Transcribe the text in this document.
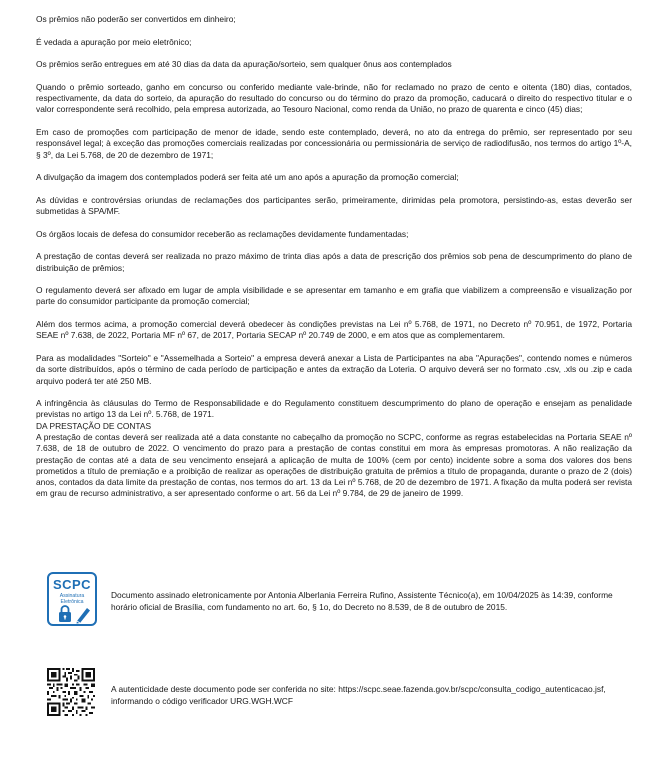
Os prêmios não poderão ser convertidos em dinheiro;

É vedada a apuração por meio eletrônico;

Os prêmios serão entregues em até 30 dias da data da apuração/sorteio, sem qualquer ônus aos contemplados

Quando o prêmio sorteado, ganho em concurso ou conferido mediante vale-brinde, não for reclamado no prazo de cento e oitenta (180) dias, contados, respectivamente, da data do sorteio, da apuração do resultado do concurso ou do término do prazo da promoção, caducará o direito do respectivo titular e o valor correspondente será recolhido, pela empresa autorizada, ao Tesouro Nacional, como renda da União, no prazo de quarenta e cinco (45) dias;

Em caso de promoções com participação de menor de idade, sendo este contemplado, deverá, no ato da entrega do prêmio, ser representado por seu responsável legal; à exceção das promoções comerciais realizadas por concessionária ou permissionária de serviço de radiodifusão, nos termos do artigo 1º-A, § 3º, da Lei 5.768, de 20 de dezembro de 1971;

A divulgação da imagem dos contemplados poderá ser feita até um ano após a apuração da promoção comercial;

As dúvidas e controvérsias oriundas de reclamações dos participantes serão, primeiramente, dirimidas pela promotora, persistindo-as, estas deverão ser submetidas à SPA/MF.

Os órgãos locais de defesa do consumidor receberão as reclamações devidamente fundamentadas;

A prestação de contas deverá ser realizada no prazo máximo de trinta dias após a data de prescrição dos prêmios sob pena de descumprimento do plano de distribuição de prêmios;

O regulamento deverá ser afixado em lugar de ampla visibilidade e se apresentar em tamanho e em grafia que viabilizem a compreensão e visualização por parte do consumidor participante da promoção comercial;

Além dos termos acima, a promoção comercial deverá obedecer às condições previstas na Lei nº 5.768, de 1971, no Decreto nº 70.951, de 1972, Portaria SEAE nº 7.638, de 2022, Portaria MF nº 67, de 2017, Portaria SECAP nº 20.749 de 2000, e em atos que as complementarem.

Para as modalidades "Sorteio" e "Assemelhada a Sorteio" a empresa deverá anexar a Lista de Participantes na aba "Apurações", contendo nomes e números da sorte distribuídos, após o término de cada período de participação e antes da extração da Loteria. O arquivo deverá ser no formato .csv, .xls ou .zip e cada arquivo poderá ter até 250 MB.

A infringência às cláusulas do Termo de Responsabilidade e do Regulamento constituem descumprimento do plano de operação e ensejam as penalidade previstas no artigo 13 da Lei nº. 5.768, de 1971.

DA PRESTAÇÃO DE CONTAS

A prestação de contas deverá ser realizada até a data constante no cabeçalho da promoção no SCPC, conforme as regras estabelecidas na Portaria SEAE nº 7.638, de 18 de outubro de 2022. O vencimento do prazo para a prestação de contas constitui em mora às empresas promotoras. A não realização da prestação de contas até a data de seu vencimento ensejará a aplicação de multa de 100% (cem por cento) incidente sobre a soma dos valores dos bens prometidos a título de premiação e a proibição de realizar as operações de distribuição gratuita de prêmios a título de propaganda, durante o prazo de 2 (dois) anos, contados da data limite da prestação de contas, nos termos do art. 13 da Lei nº 5.768, de 20 de dezembro de 1971. A fixação da multa poderá ser revista em grau de recurso administrativo, a ser apresentado conforme o art. 56 da Lei nº 9.784, de 29 de janeiro de 1999.

SCPC
Assinatura
Eletrônica
Documento assinado eletronicamente por Antonia Alberlania Ferreira Rufino, Assistente Técnico(a), em 10/04/2025 às 14:39, conforme horário oficial de Brasília, com fundamento no art. 6o, § 1o, do Decreto no 8.539, de 8 de outubro de 2015.
A autenticidade deste documento pode ser conferida no site: https://scpc.seae.fazenda.gov.br/scpc/consulta_codigo_autenticacao.jsf, informando o código verificador URG.WGH.WCF
